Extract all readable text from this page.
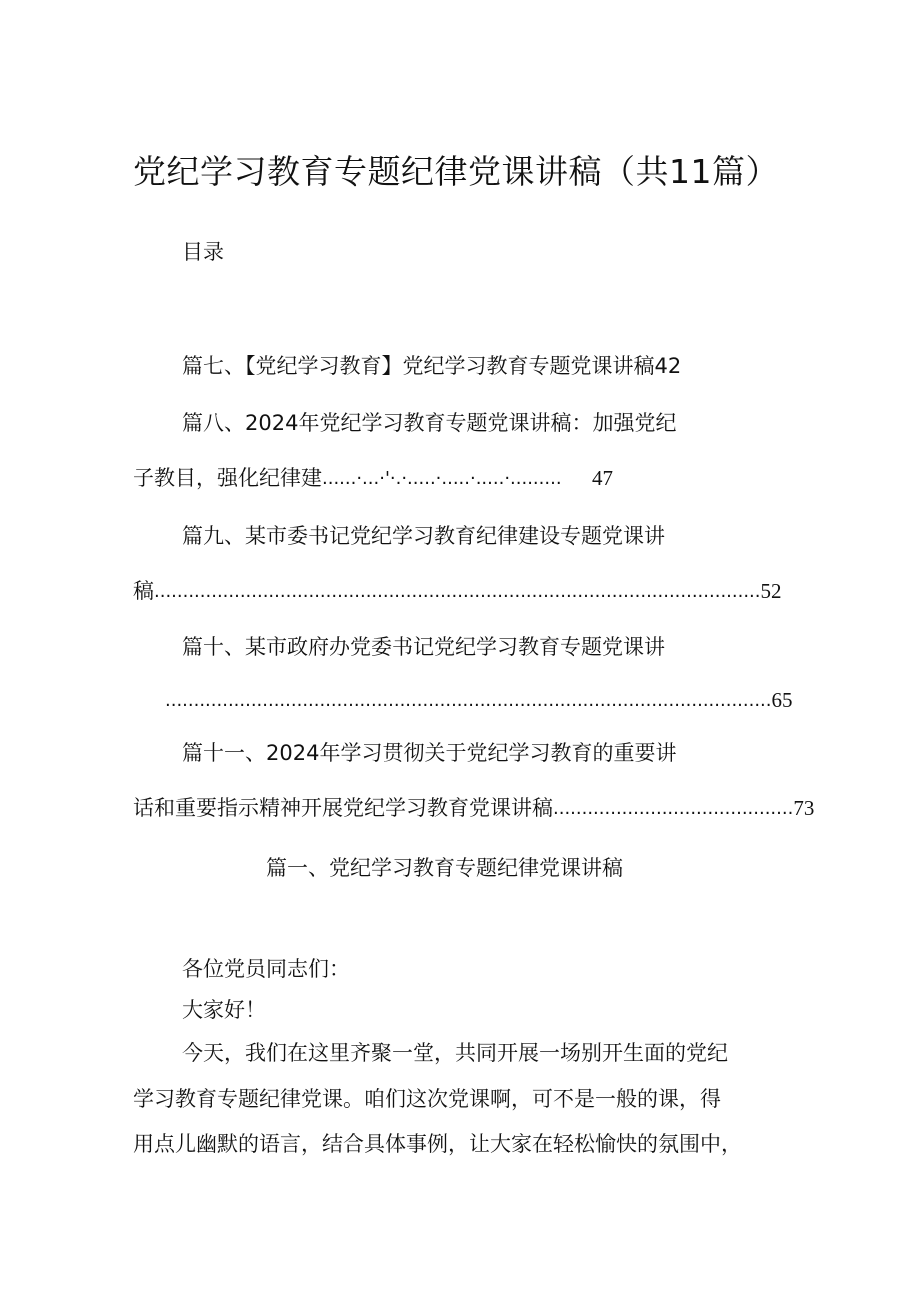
党纪学习教育专题纪律党课讲稿（共11篇）
目录
篇七、【党纪学习教育】党纪学习教育专题党课讲稿42
篇八、2024年党纪学习教育专题党课讲稿：加强党纪
子教目，强化纪律建 ......·...·'·.·.....·.....·.....·.........	47
篇九、某市委书记党纪学习教育纪律建设专题党课讲
稿 .......................................................................................................... 52
篇十、某市政府办党委书记党纪学习教育专题党课讲
.......................................................................................................... 65
篇十一、2024年学习贯彻关于党纪学习教育的重要讲
话和重要指示精神开展党纪学习教育党课讲稿 .......................................... 73
篇一、党纪学习教育专题纪律党课讲稿
各位党员同志们：
大家好！
今天，我们在这里齐聚一堂，共同开展一场别开生面的党纪
学习教育专题纪律党课。咱们这次党课啊，可不是一般的课，得
用点儿幽默的语言，结合具体事例，让大家在轻松愉快的氛围中，
